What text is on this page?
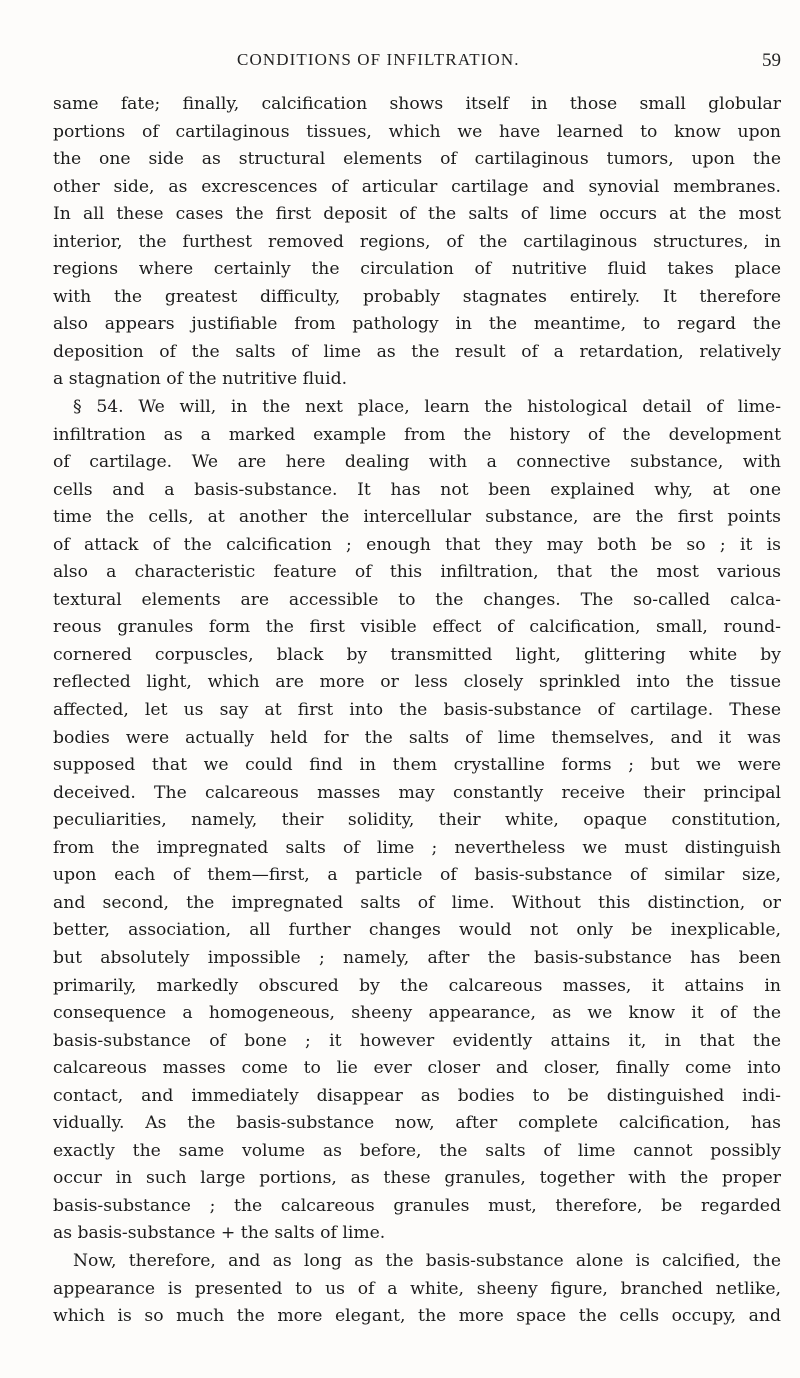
CONDITIONS OF INFILTRATION.	59
same fate; finally, calcification shows itself in those small globular
portions of cartilaginous tissues, which we have learned to know upon
the one side as structural elements of cartilaginous tumors, upon the
other side, as excrescences of articular cartilage and synovial membranes.
In all these cases the first deposit of the salts of lime occurs at the most
interior, the furthest removed regions, of the cartilaginous structures, in
regions where certainly the circulation of nutritive fluid takes place
with the greatest difficulty, probably stagnates entirely. It therefore
also appears justifiable from pathology in the meantime, to regard the
deposition of the salts of lime as the result of a retardation, relatively
a stagnation of the nutritive fluid.
§ 54. We will, in the next place, learn the histological detail of lime-
infiltration as a marked example from the history of the development
of cartilage. We are here dealing with a connective substance, with
cells and a basis-substance. It has not been explained why, at one
time the cells, at another the intercellular substance, are the first points
of attack of the calcification ; enough that they may both be so ; it is
also a characteristic feature of this infiltration, that the most various
textural elements are accessible to the changes. The so-called calca-
reous granules form the first visible effect of calcification, small, round-
cornered corpuscles, black by transmitted light, glittering white by
reflected light, which are more or less closely sprinkled into the tissue
affected, let us say at first into the basis-substance of cartilage. These
bodies were actually held for the salts of lime themselves, and it was
supposed that we could find in them crystalline forms ; but we were
deceived. The calcareous masses may constantly receive their principal
peculiarities, namely, their solidity, their white, opaque constitution,
from the impregnated salts of lime ; nevertheless we must distinguish
upon each of them—first, a particle of basis-substance of similar size,
and second, the impregnated salts of lime. Without this distinction, or
better, association, all further changes would not only be inexplicable,
but absolutely impossible ; namely, after the basis-substance has been
primarily, markedly obscured by the calcareous masses, it attains in
consequence a homogeneous, sheeny appearance, as we know it of the
basis-substance of bone ; it however evidently attains it, in that the
calcareous masses come to lie ever closer and closer, finally come into
contact, and immediately disappear as bodies to be distinguished indi-
vidually. As the basis-substance now, after complete calcification, has
exactly the same volume as before, the salts of lime cannot possibly
occur in such large portions, as these granules, together with the proper
basis-substance ; the calcareous granules must, therefore, be regarded
as basis-substance + the salts of lime.
Now, therefore, and as long as the basis-substance alone is calcified, the
appearance is presented to us of a white, sheeny figure, branched netlike,
which is so much the more elegant, the more space the cells occupy, and
